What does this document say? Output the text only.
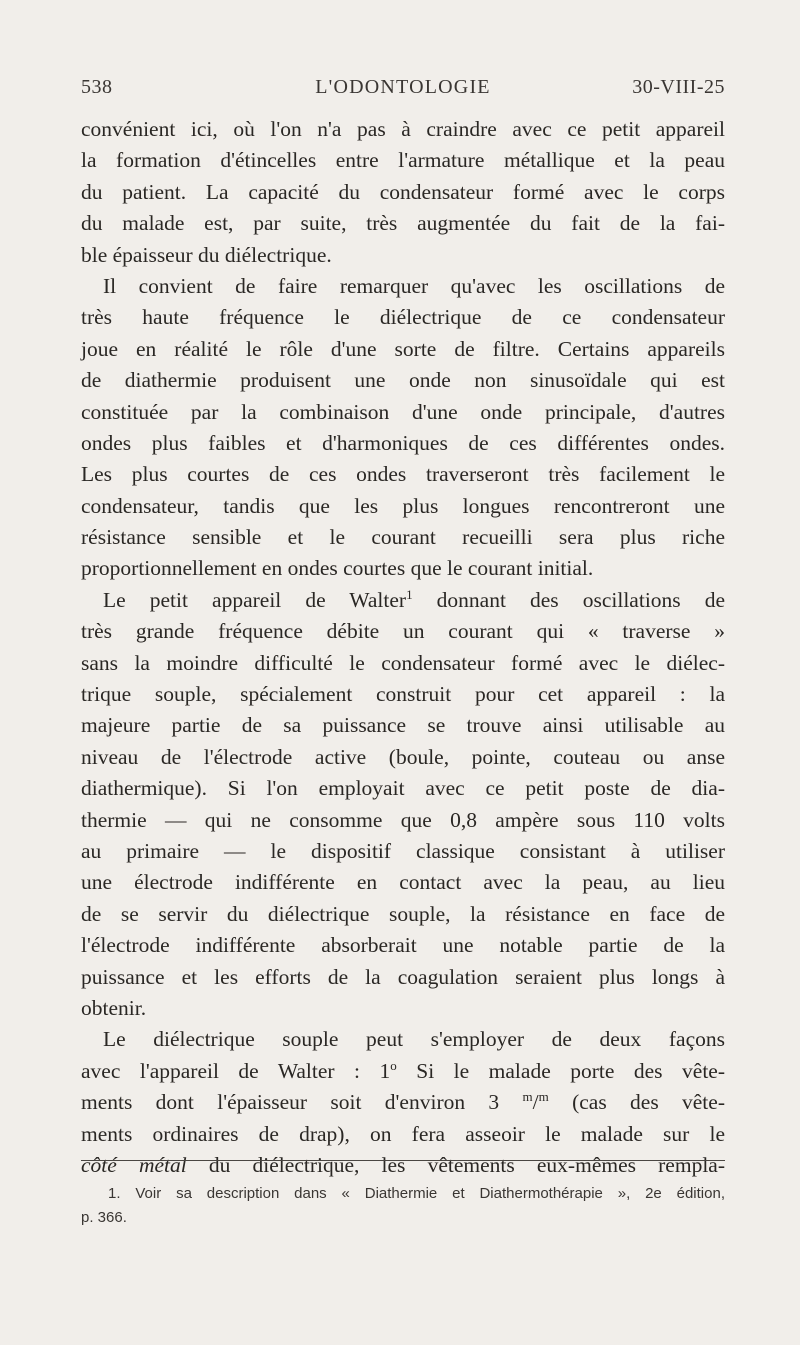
538	L'ODONTOLOGIE	30-VIII-25
convénient ici, où l'on n'a pas à craindre avec ce petit appareil
la formation d'étincelles entre l'armature métallique et la peau
du patient. La capacité du condensateur formé avec le corps
du malade est, par suite, très augmentée du fait de la fai-
ble épaisseur du diélectrique.
Il convient de faire remarquer qu'avec les oscillations de
très haute fréquence le diélectrique de ce condensateur
joue en réalité le rôle d'une sorte de filtre. Certains appareils
de diathermie produisent une onde non sinusoïdale qui est
constituée par la combinaison d'une onde principale, d'autres
ondes plus faibles et d'harmoniques de ces différentes ondes.
Les plus courtes de ces ondes traverseront très facilement le
condensateur, tandis que les plus longues rencontreront une
résistance sensible et le courant recueilli sera plus riche
proportionnellement en ondes courtes que le courant initial.
Le petit appareil de Walter$^1$ donnant des oscillations de
très grande fréquence débite un courant qui « traverse »
sans la moindre difficulté le condensateur formé avec le diélec-
trique souple, spécialement construit pour cet appareil : la
majeure partie de sa puissance se trouve ainsi utilisable au
niveau de l'électrode active (boule, pointe, couteau ou anse
diathermique). Si l'on employait avec ce petit poste de dia-
thermie — qui ne consomme que 0,8 ampère sous 110 volts
au primaire — le dispositif classique consistant à utiliser
une électrode indifférente en contact avec la peau, au lieu
de se servir du diélectrique souple, la résistance en face de
l'électrode indifférente absorberait une notable partie de la
puissance et les efforts de la coagulation seraient plus longs à
obtenir.
Le diélectrique souple peut s'employer de deux façons
avec l'appareil de Walter : 1$^o$ Si le malade porte des vête-
ments dont l'épaisseur soit d'environ 3 $^m$/$^m$ (cas des vête-
ments ordinaires de drap), on fera asseoir le malade sur le
côté métal du diélectrique, les vêtements eux-mêmes rempla-
1. Voir sa description dans « Diathermie et Diathermothérapie », 2e édition,
p. 366.
